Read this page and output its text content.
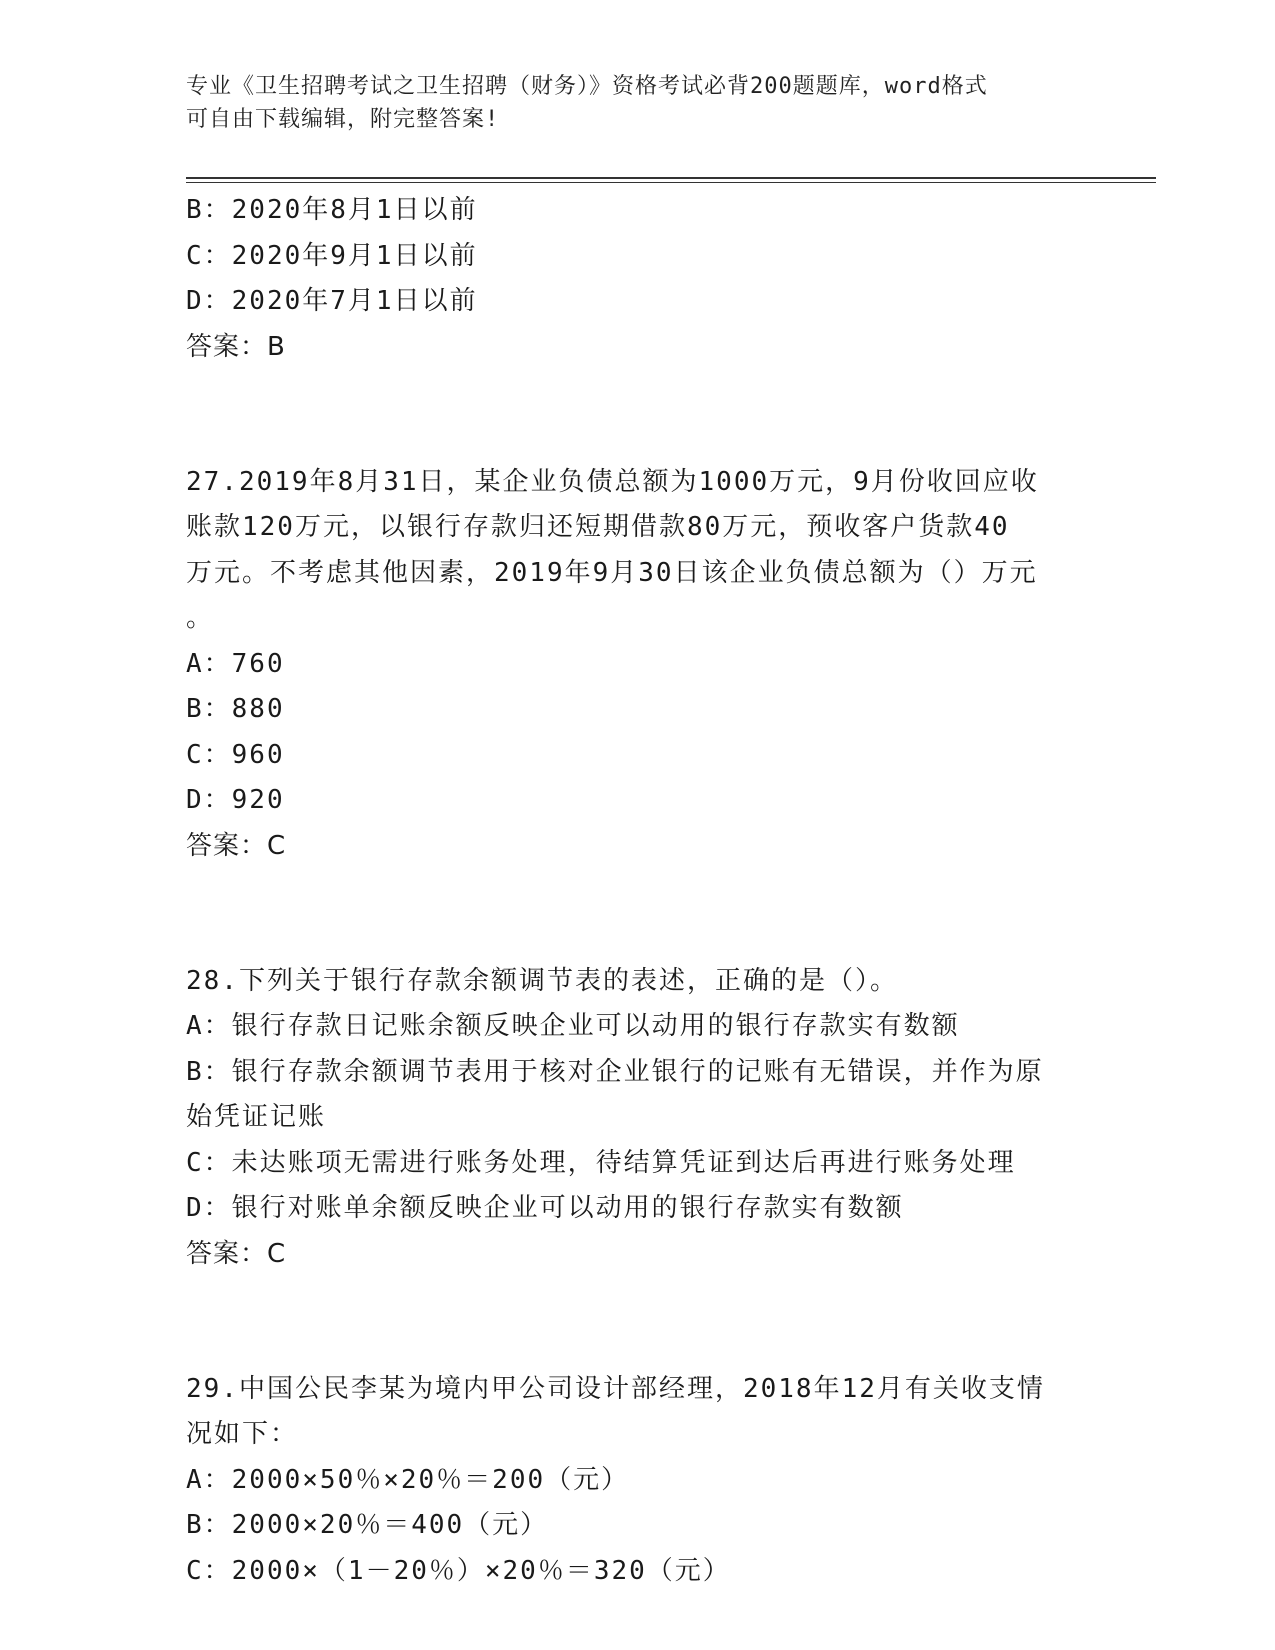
专业《卫生招聘考试之卫生招聘（财务）》资格考试必背200题题库，word格式
可自由下载编辑，附完整答案!
B：2020年8月1日以前
C：2020年9月1日以前
D：2020年7月1日以前
答案：B
27.2019年8月31日，某企业负债总额为1000万元，9月份收回应收
账款120万元，以银行存款归还短期借款80万元，预收客户货款40
万元。不考虑其他因素，2019年9月30日该企业负债总额为（）万元
。
A：760
B：880
C：960
D：920
答案：C
28.下列关于银行存款余额调节表的表述，正确的是（）。
A：银行存款日记账余额反映企业可以动用的银行存款实有数额
B：银行存款余额调节表用于核对企业银行的记账有无错误，并作为原
始凭证记账
C：未达账项无需进行账务处理，待结算凭证到达后再进行账务处理
D：银行对账单余额反映企业可以动用的银行存款实有数额
答案：C
29.中国公民李某为境内甲公司设计部经理，2018年12月有关收支情
况如下：
A：2000×50％×20％＝200（元）
B：2000×20％＝400（元）
C：2000×（1－20％）×20％＝320（元）
